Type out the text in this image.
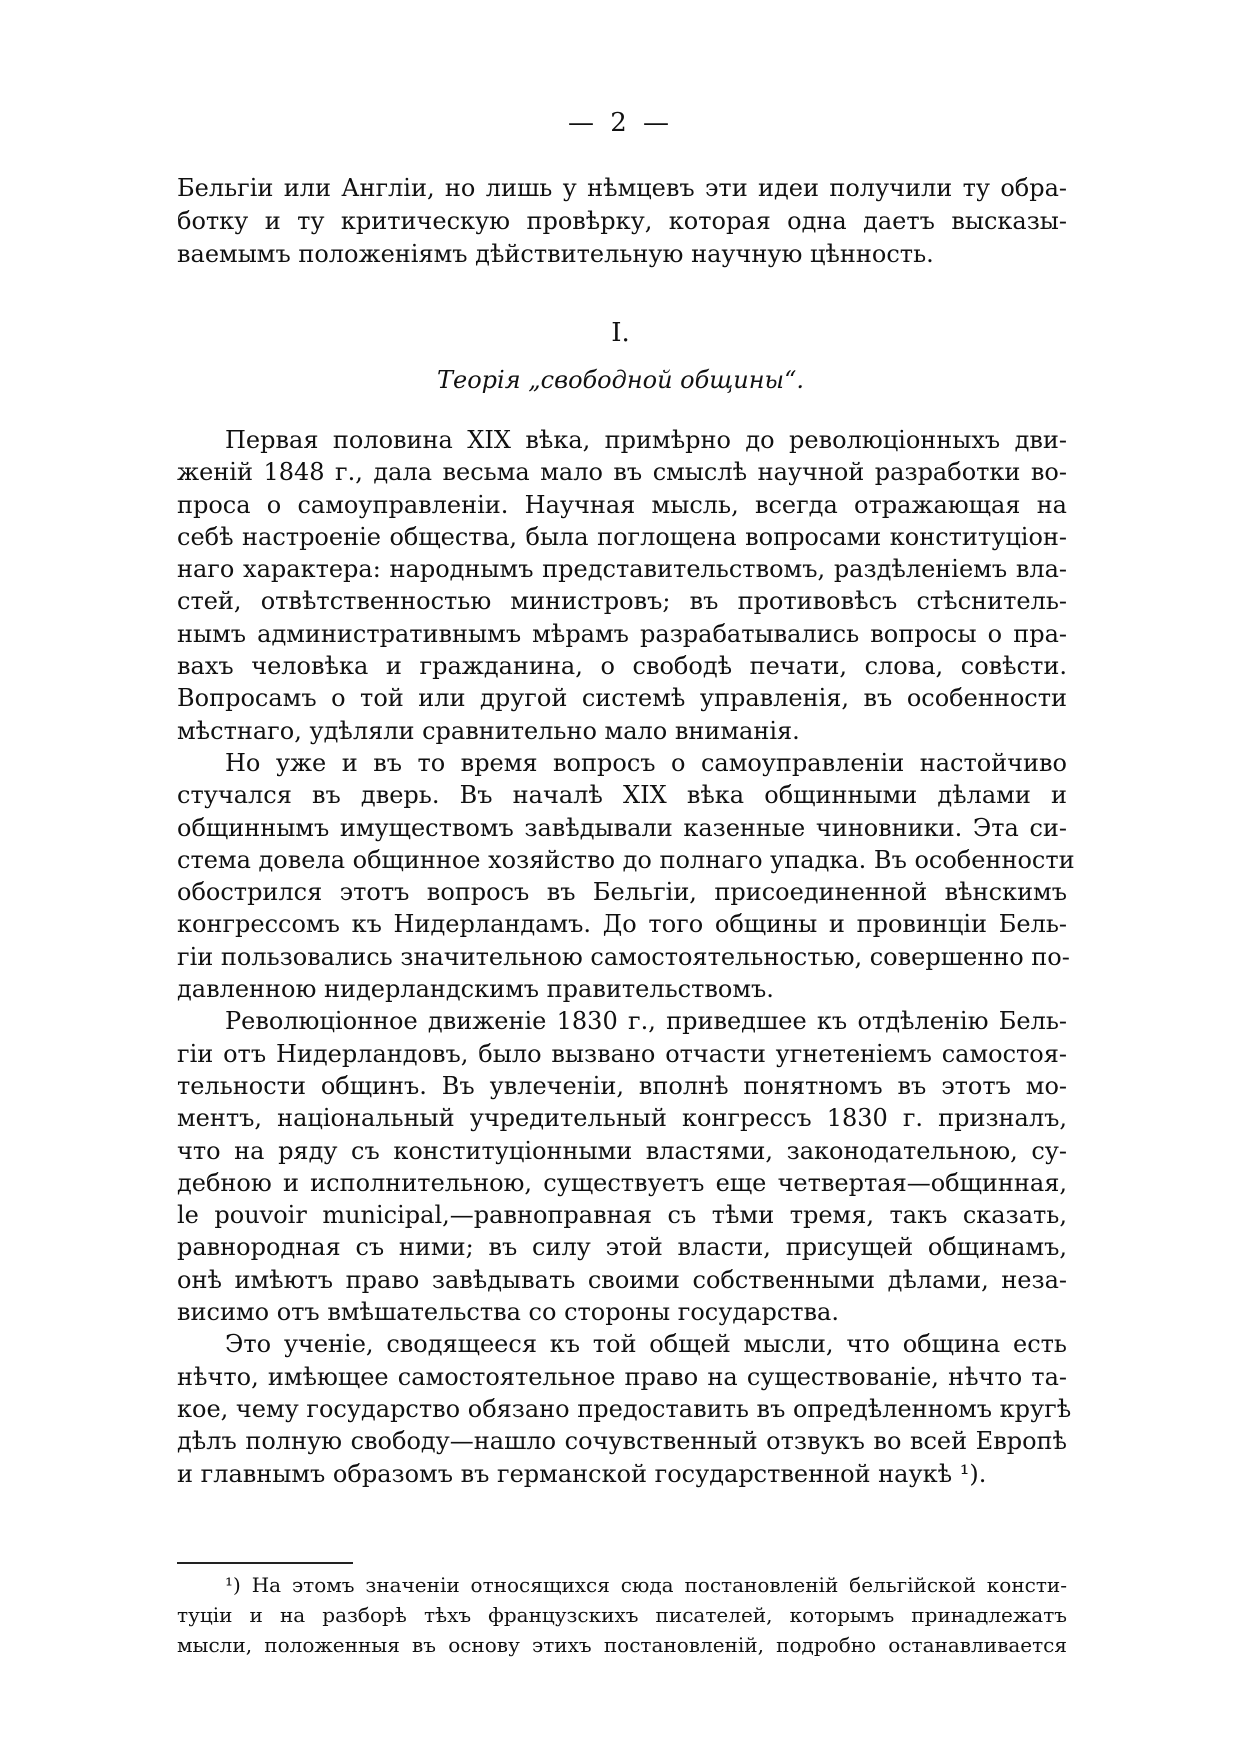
— 2 —
Бельгіи или Англіи, но лишь у нѣмцевъ эти идеи получили ту обра-
ботку и ту критическую провѣрку, которая одна даетъ высказы-
ваемымъ положеніямъ дѣйствительную научную цѣнность.
I.
Теорія „свободной общины“.
Первая половина XIX вѣка, примѣрно до революціонныхъ дви-
женій 1848 г., дала весьма мало въ смыслѣ научной разработки во-
проса о самоуправленіи. Научная мысль, всегда отражающая на
себѣ настроеніе общества, была поглощена вопросами конституціон-
наго характера: народнымъ представительствомъ, раздѣленіемъ вла-
стей, отвѣтственностью министровъ; въ противовѣсъ стѣснитель-
нымъ административнымъ мѣрамъ разрабатывались вопросы о пра-
вахъ человѣка и гражданина, о свободѣ печати, слова, совѣсти.
Вопросамъ о той или другой системѣ управленія, въ особенности
мѣстнаго, удѣляли сравнительно мало вниманія.
Но уже и въ то время вопросъ о самоуправленіи настойчиво
стучался въ дверь. Въ началѣ XIX вѣка общинными дѣлами и
общиннымъ имуществомъ завѣдывали казенные чиновники. Эта си-
стема довела общинное хозяйство до полнаго упадка. Въ особенности
обострился этотъ вопросъ въ Бельгіи, присоединенной вѣнскимъ
конгрессомъ къ Нидерландамъ. До того общины и провинціи Бель-
гіи пользовались значительною самостоятельностью, совершенно по-
давленною нидерландскимъ правительствомъ.
Революціонное движеніе 1830 г., приведшее къ отдѣленію Бель-
гіи отъ Нидерландовъ, было вызвано отчасти угнетеніемъ самостоя-
тельности общинъ. Въ увлеченіи, вполнѣ понятномъ въ этотъ мо-
ментъ, національный учредительный конгрессъ 1830 г. призналъ,
что на ряду съ конституціонными властями, законодательною, су-
дебною и исполнительною, существуетъ еще четвертая—общинная,
le pouvoir municipal,—равноправная съ тѣми тремя, такъ сказать,
равнородная съ ними; въ силу этой власти, присущей общинамъ,
онѣ имѣютъ право завѣдывать своими собственными дѣлами, неза-
висимо отъ вмѣшательства со стороны государства.
Это ученіе, сводящееся къ той общей мысли, что община есть
нѣчто, имѣющее самостоятельное право на существованіе, нѣчто та-
кое, чему государство обязано предоставить въ опредѣленномъ кругѣ
дѣлъ полную свободу—нашло сочувственный отзвукъ во всей Европѣ
и главнымъ образомъ въ германской государственной наукѣ ¹).
¹) На этомъ значеніи относящихся сюда постановленій бельгійской консти-
туціи и на разборѣ тѣхъ французскихъ писателей, которымъ принадлежатъ
мысли, положенныя въ основу этихъ постановленій, подробно останавливается
